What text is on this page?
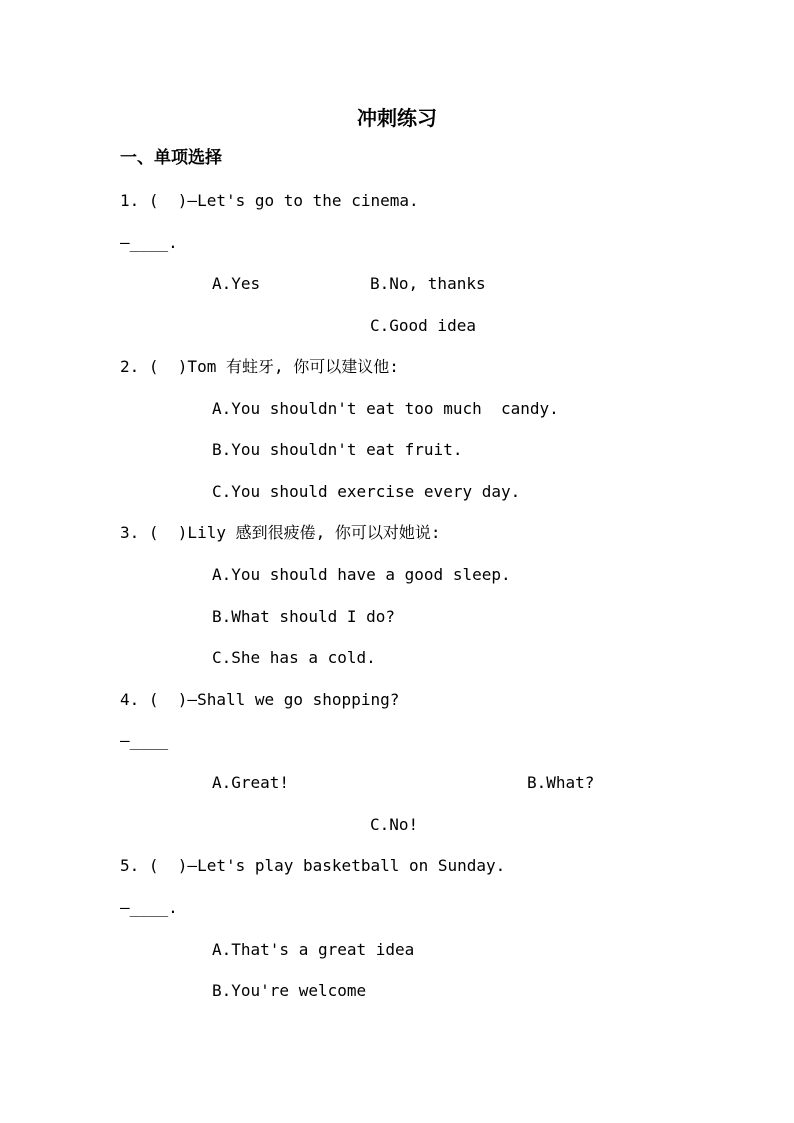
冲刺练习
一、单项选择
1. (  )—Let's go to the cinema.
—____.
A.Yes	B.No, thanks
C.Good idea
2. (  )Tom 有蛀牙, 你可以建议他:
A.You shouldn't eat too much  candy.
B.You shouldn't eat fruit.
C.You should exercise every day.
3. (  )Lily 感到很疲倦, 你可以对她说:
A.You should have a good sleep.
B.What should I do?
C.She has a cold.
4. (  )—Shall we go shopping?
—____
A.Great!	B.What?
C.No!
5. (  )—Let's play basketball on Sunday.
—____.
A.That's a great idea
B.You're welcome
